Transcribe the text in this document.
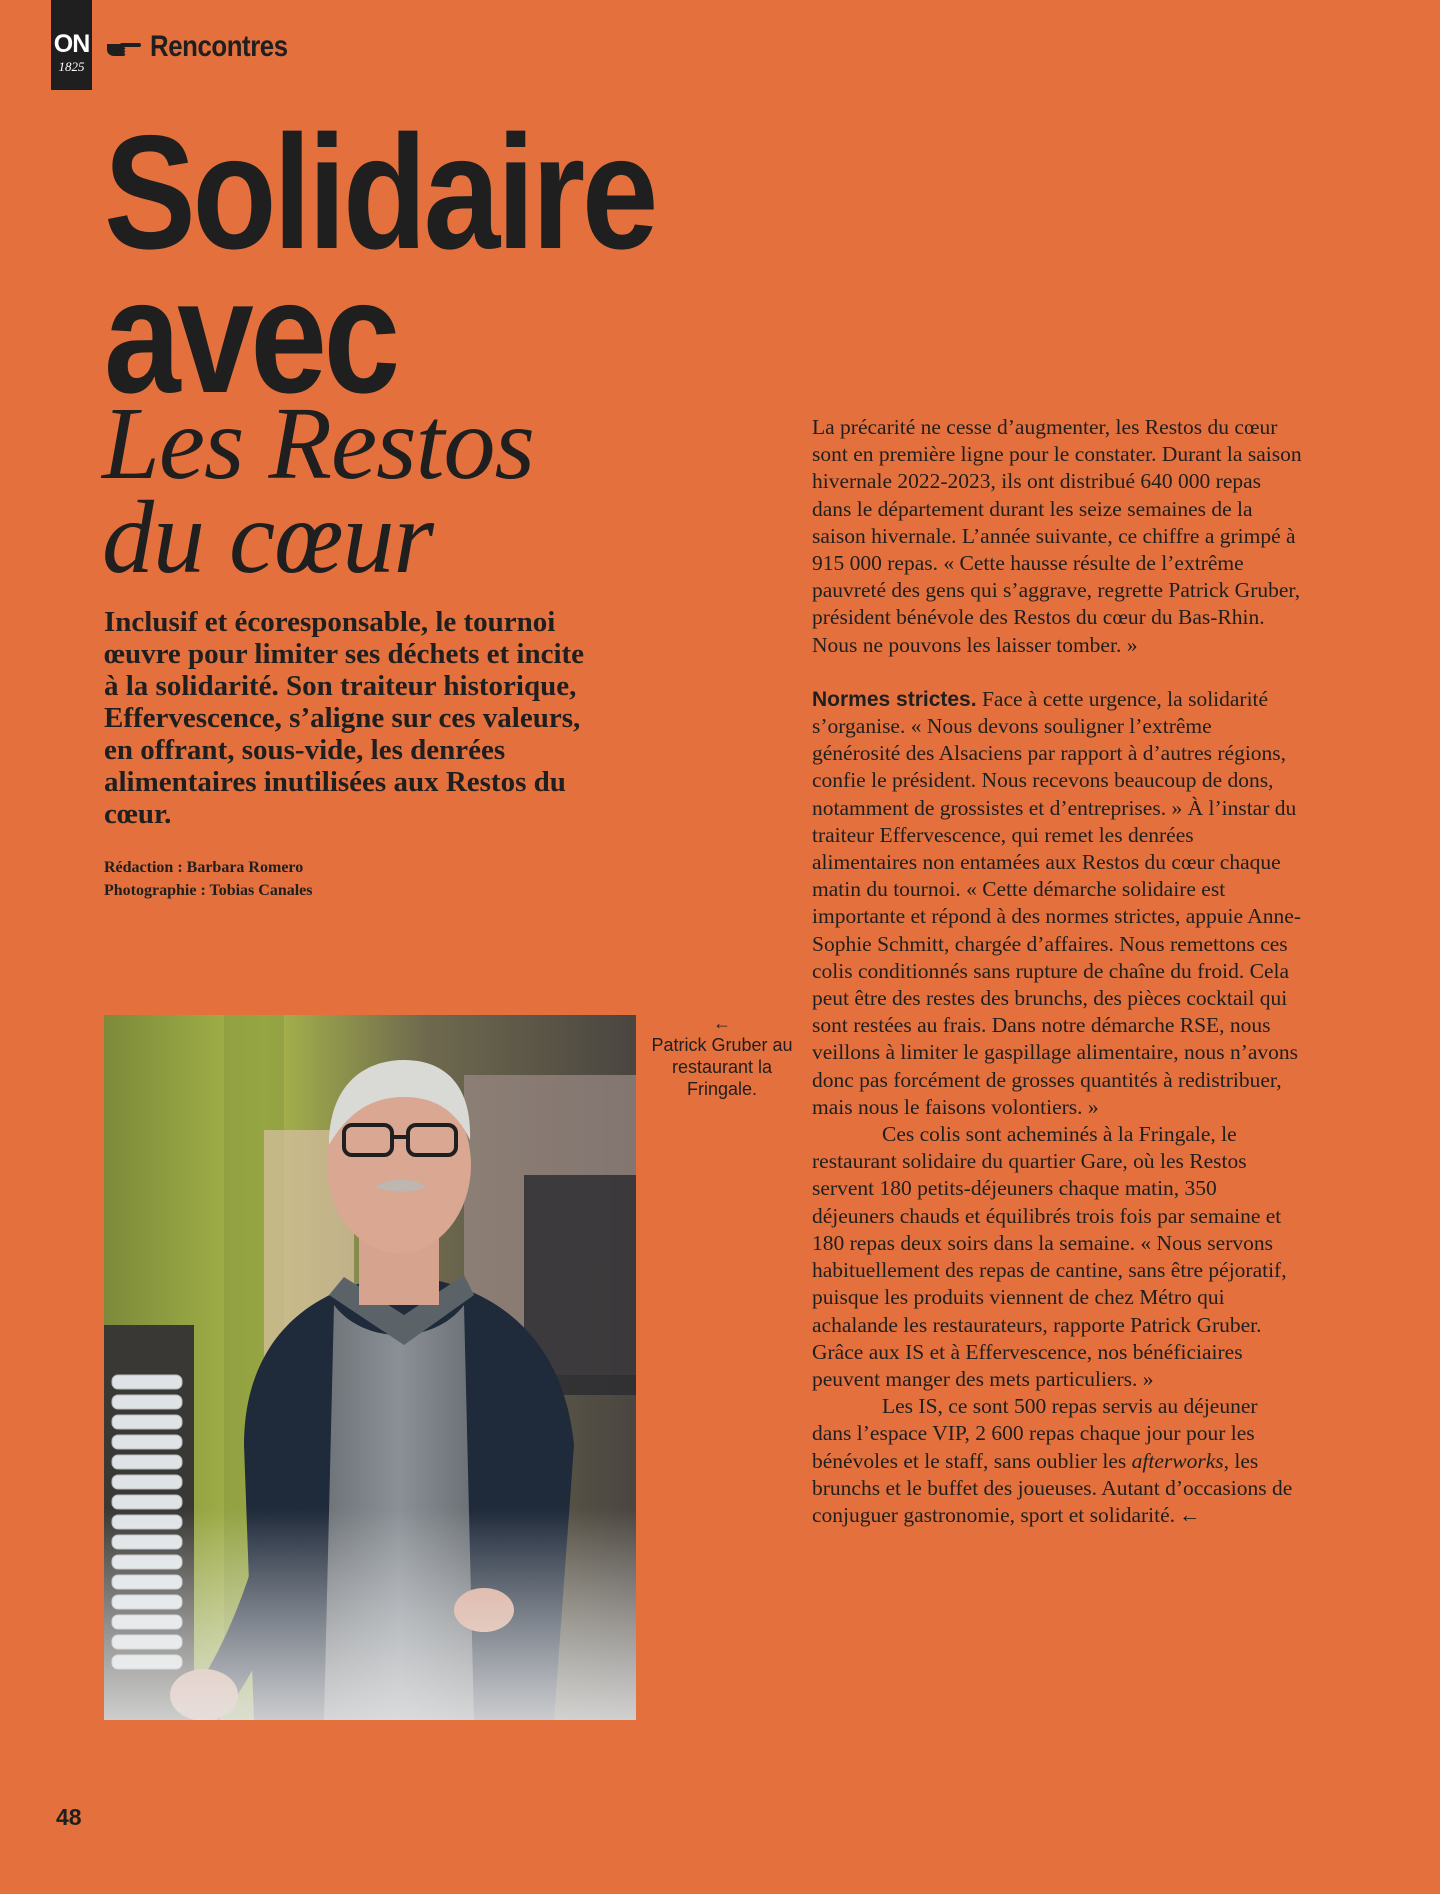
ON
1825
Rencontres
Solidaire
avec
Les Restos
du cœur

Inclusif et écoresponsable, le tournoi œuvre pour limiter ses déchets et incite à la solidarité. Son traiteur historique, Effervescence, s’aligne sur ces valeurs, en offrant, sous-vide, les denrées alimentaires inutilisées aux Restos du cœur.

Rédaction : Barbara Romero
Photographie : Tobias Canales
←
Patrick Gruber au restaurant la Fringale.

La précarité ne cesse d’augmenter, les Restos du cœur sont en première ligne pour le constater. Durant la saison hivernale 2022-2023, ils ont distribué 640 000 repas dans le département durant les seize semaines de la saison hivernale. L’année suivante, ce chiffre a grimpé à 915 000 repas. « Cette hausse résulte de l’extrême pauvreté des gens qui s’aggrave, regrette Patrick Gruber, président bénévole des Restos du cœur du Bas-Rhin. Nous ne pouvons les laisser tomber. »

Normes strictes. Face à cette urgence, la solidarité s’organise. « Nous devons souligner l’extrême générosité des Alsaciens par rapport à d’autres régions, confie le président. Nous recevons beaucoup de dons, notamment de grossistes et d’entreprises. » À l’instar du traiteur Effervescence, qui remet les denrées alimentaires non entamées aux Restos du cœur chaque matin du tournoi. « Cette démarche solidaire est importante et répond à des normes strictes, appuie Anne-Sophie Schmitt, chargée d’affaires. Nous remettons ces colis conditionnés sans rupture de chaîne du froid. Cela peut être des restes des brunchs, des pièces cocktail qui sont restées au frais. Dans notre démarche RSE, nous veillons à limiter le gaspillage alimentaire, nous n’avons donc pas forcément de grosses quantités à redistribuer, mais nous le faisons volontiers. »

Ces colis sont acheminés à la Fringale, le restaurant solidaire du quartier Gare, où les Restos servent 180 petits-déjeuners chaque matin, 350 déjeuners chauds et équilibrés trois fois par semaine et 180 repas deux soirs dans la semaine. « Nous servons habituellement des repas de cantine, sans être péjoratif, puisque les produits viennent de chez Métro qui achalande les restaurateurs, rapporte Patrick Gruber. Grâce aux IS et à Effervescence, nos bénéficiaires peuvent manger des mets particuliers. »

Les IS, ce sont 500 repas servis au déjeuner dans l’espace VIP, 2 600 repas chaque jour pour les bénévoles et le staff, sans oublier les afterworks, les brunchs et le buffet des joueuses. Autant d’occasions de conjuguer gastronomie, sport et solidarité. ←

48
